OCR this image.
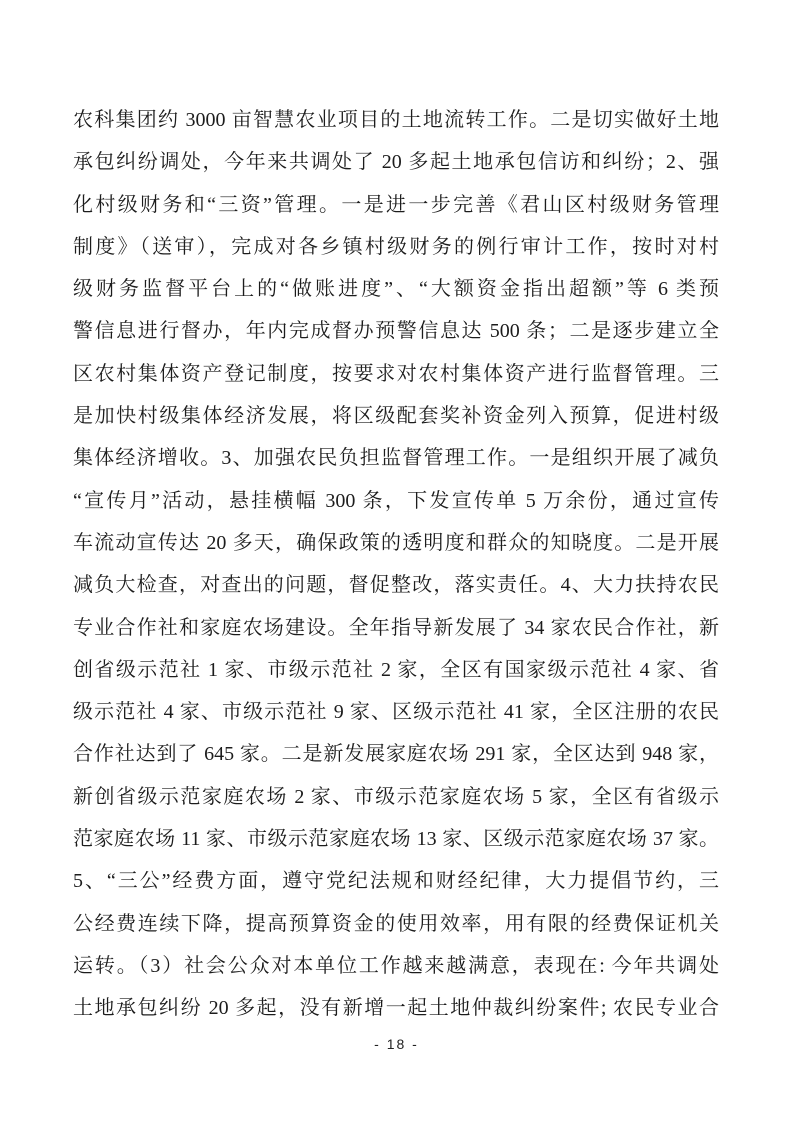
农科集团约 3000 亩智慧农业项目的土地流转工作。二是切实做好土地
承包纠纷调处，今年来共调处了 20 多起土地承包信访和纠纷；2、强
化村级财务和“三资”管理。一是进一步完善《君山区村级财务管理
制度》（送审），完成对各乡镇村级财务的例行审计工作，按时对村
级财务监督平台上的“做账进度”、“大额资金指出超额”等 6 类预
警信息进行督办，年内完成督办预警信息达 500 条；二是逐步建立全
区农村集体资产登记制度，按要求对农村集体资产进行监督管理。三
是加快村级集体经济发展，将区级配套奖补资金列入预算，促进村级
集体经济增收。3、加强农民负担监督管理工作。一是组织开展了减负
“宣传月”活动，悬挂横幅 300 条，下发宣传单 5 万余份，通过宣传
车流动宣传达 20 多天，确保政策的透明度和群众的知晓度。二是开展
减负大检查，对查出的问题，督促整改，落实责任。4、大力扶持农民
专业合作社和家庭农场建设。全年指导新发展了 34 家农民合作社，新
创省级示范社 1 家、市级示范社 2 家，全区有国家级示范社 4 家、省
级示范社 4 家、市级示范社 9 家、区级示范社 41 家，全区注册的农民
合作社达到了 645 家。二是新发展家庭农场 291 家，全区达到 948 家，
新创省级示范家庭农场 2 家、市级示范家庭农场 5 家，全区有省级示
范家庭农场 11 家、市级示范家庭农场 13 家、区级示范家庭农场 37 家。
5、“三公”经费方面，遵守党纪法规和财经纪律，大力提倡节约，三
公经费连续下降，提高预算资金的使用效率，用有限的经费保证机关
运转。（3）社会公众对本单位工作越来越满意，表现在: 今年共调处
土地承包纠纷 20 多起，没有新增一起土地仲裁纠纷案件; 农民专业合
- 18 -
